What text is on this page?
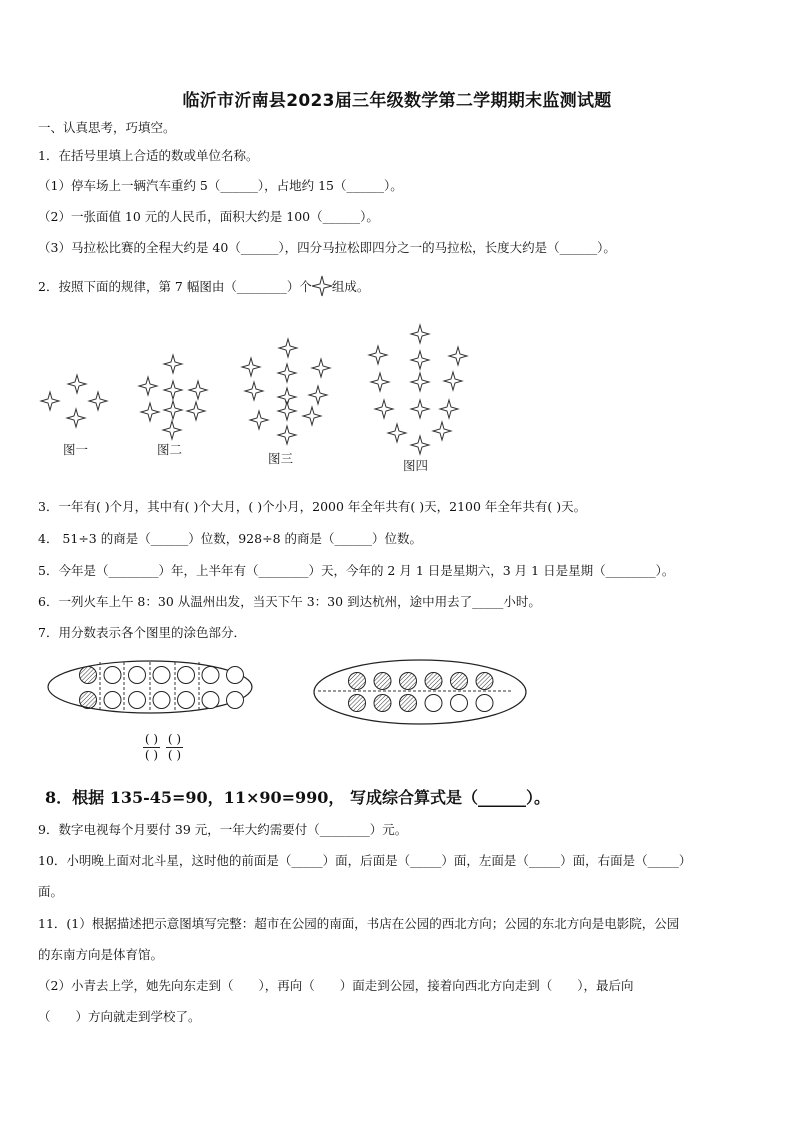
临沂市沂南县2023届三年级数学第二学期期末监测试题
一、认真思考，巧填空。
1．在括号里填上合适的数或单位名称。
（1）停车场上一辆汽车重约 5（______），占地约 15（______）。
（2）一张面值 10 元的人民币，面积大约是 100（______）。
（3）马拉松比赛的全程大约是 40（______），四分马拉松即四分之一的马拉松，长度大约是（______）。
2．按照下面的规律，第 7 幅图由（________）个 组成。
图一	图二
图三	图四
3．一年有( )个月，其中有( )个大月，( )个小月，2000 年全年共有( )天，2100 年全年共有( )天。
4． 51÷3 的商是（______）位数，928÷8 的商是（______）位数。
5．今年是（________）年，上半年有（________）天，今年的 2 月 1 日是星期六，3 月 1 日是星期（________）。
6．一列火车上午 8：30 从温州出发，当天下午 3：30 到达杭州，途中用去了_____小时。
7．用分数表示各个图里的涂色部分．
( )
( )
( )
( )
8．根据 135-45=90，11×90=990， 写成综合算式是（______）。
9．数字电视每个月要付 39 元，一年大约需要付（________）元。
10．小明晚上面对北斗星，这时他的前面是（_____）面，后面是（_____）面，左面是（_____）面，右面是（_____）
面。
11．(1）根据描述把示意图填写完整：超市在公园的南面，书店在公园的西北方向；公园的东北方向是电影院，公园
的东南方向是体育馆。
（2）小青去上学，她先向东走到（　　），再向（　　）面走到公园，接着向西北方向走到（　　），最后向
（　　）方向就走到学校了。
